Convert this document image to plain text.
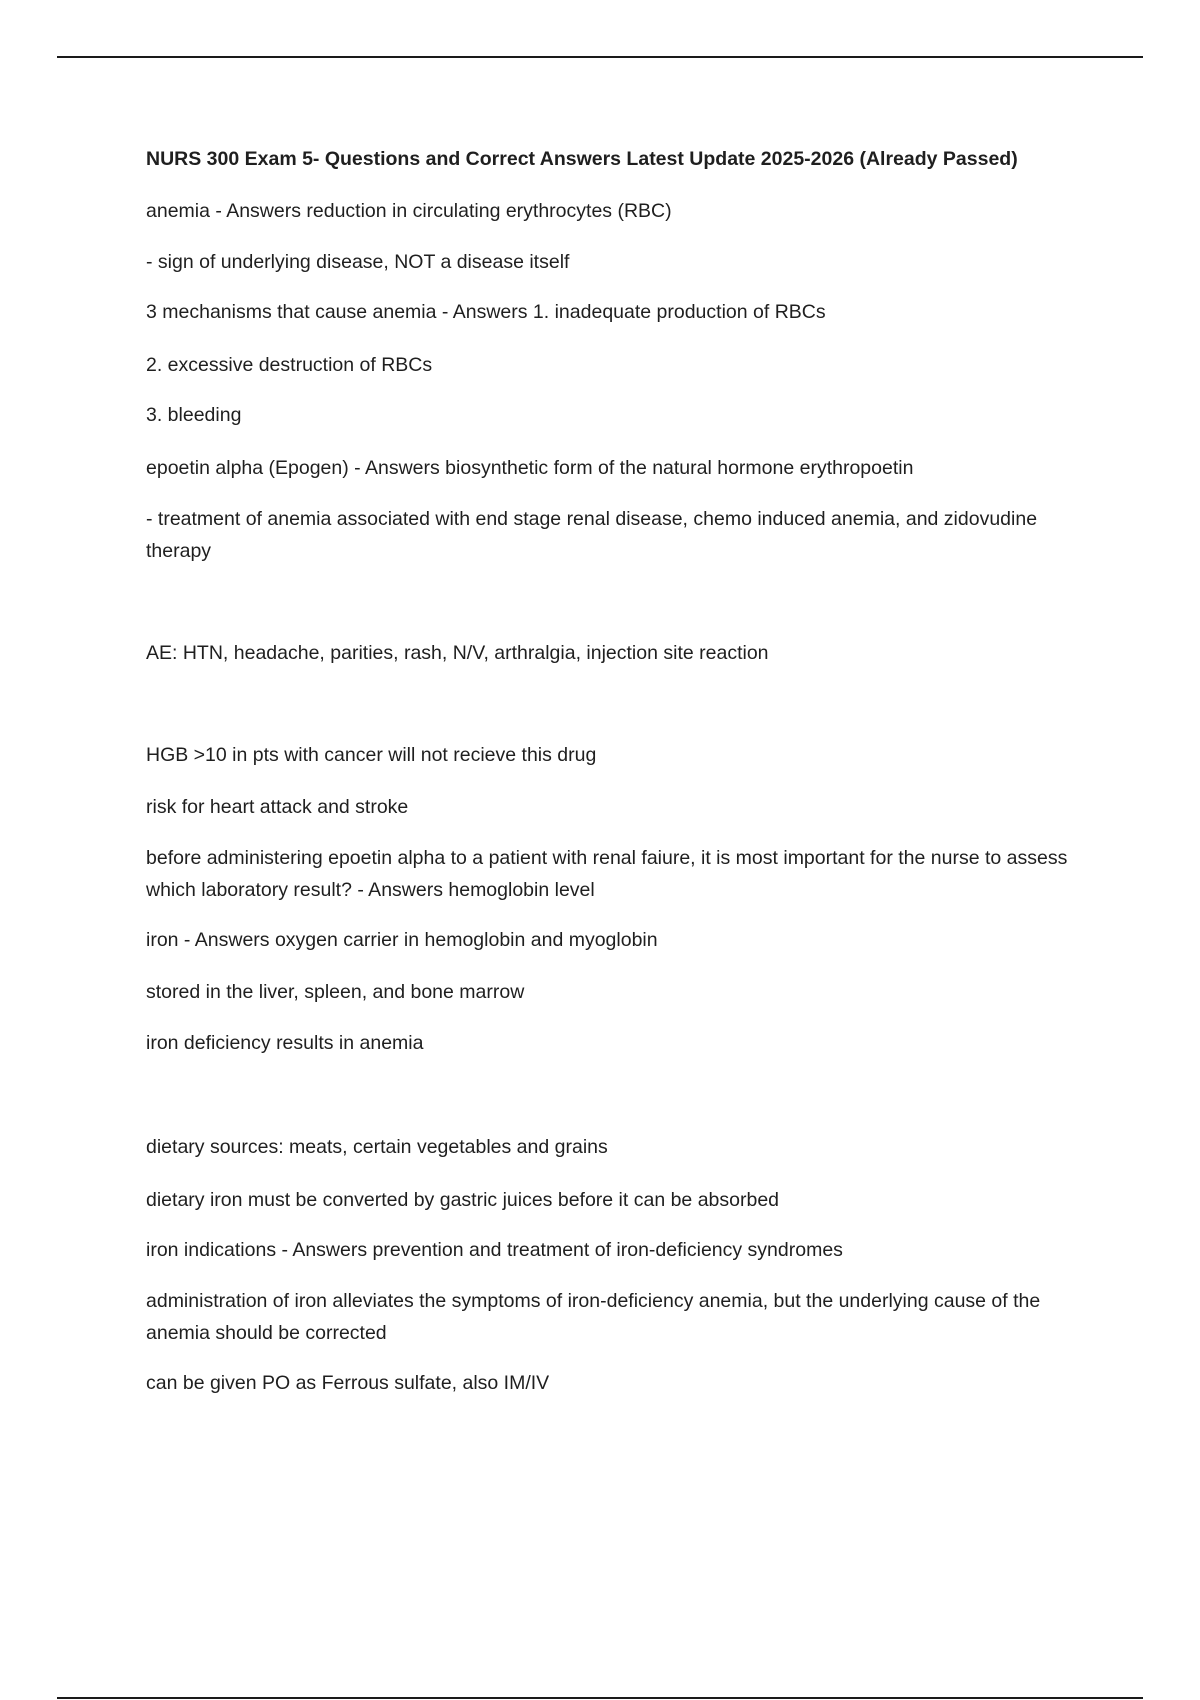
NURS 300 Exam 5- Questions and Correct Answers Latest Update 2025-2026 (Already Passed)

anemia - Answers reduction in circulating erythrocytes (RBC)

- sign of underlying disease, NOT a disease itself

3 mechanisms that cause anemia - Answers 1. inadequate production of RBCs

2. excessive destruction of RBCs

3. bleeding

epoetin alpha (Epogen) - Answers biosynthetic form of the natural hormone erythropoetin

- treatment of anemia associated with end stage renal disease, chemo induced anemia, and zidovudine therapy

AE: HTN, headache, parities, rash, N/V, arthralgia, injection site reaction

HGB >10 in pts with cancer will not recieve this drug

risk for heart attack and stroke

before administering epoetin alpha to a patient with renal faiure, it is most important for the nurse to assess which laboratory result? - Answers hemoglobin level

iron - Answers oxygen carrier in hemoglobin and myoglobin

stored in the liver, spleen, and bone marrow

iron deficiency results in anemia

dietary sources: meats, certain vegetables and grains

dietary iron must be converted by gastric juices before it can be absorbed

iron indications - Answers prevention and treatment of iron-deficiency syndromes

administration of iron alleviates the symptoms of iron-deficiency anemia, but the underlying cause of the anemia should be corrected

can be given PO as Ferrous sulfate, also IM/IV
